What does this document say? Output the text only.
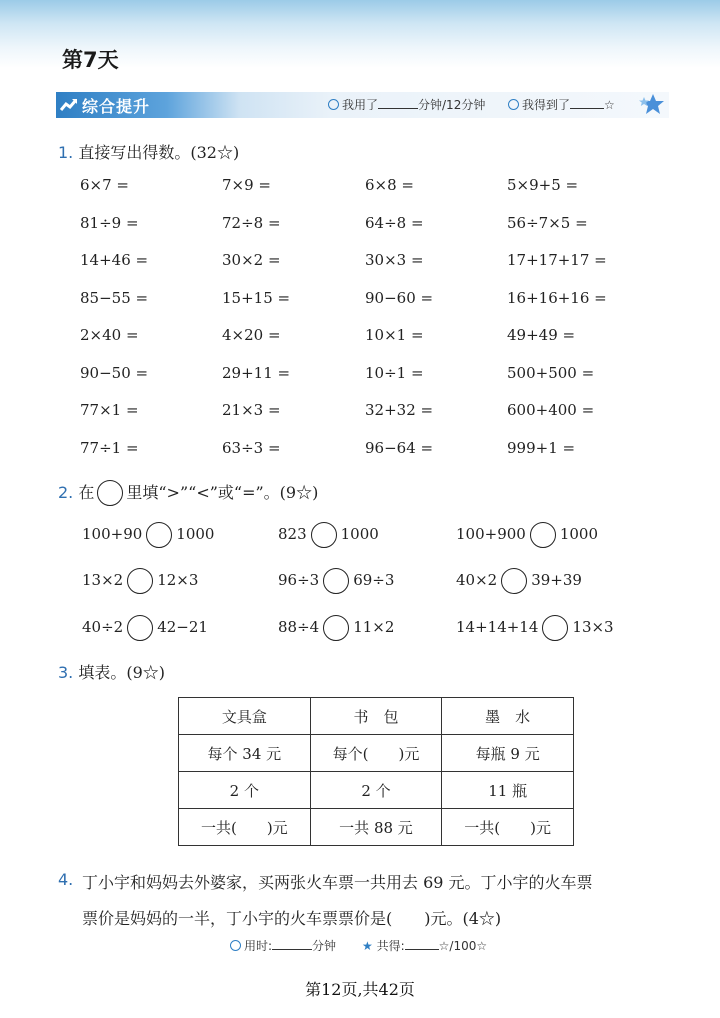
第7天
综合提升	我用了	分钟/12分钟	我得到了	☆
1. 直接写出得数。(32☆)
6×7 =	7×9 =	6×8 =	5×9+5 =
81÷9 =	72÷8 =	64÷8 =	56÷7×5 =
14+46 =	30×2 =	30×3 =	17+17+17 =
85−55 =	15+15 =	90−60 =	16+16+16 =
2×40 =	4×20 =	10×1 =	49+49 =
90−50 =	29+11 =	10÷1 =	500+500 =
77×1 =	21×3 =	32+32 =	600+400 =
77÷1 =	63÷3 =	96−64 =	999+1 =
2. 在 里填“>”“<”或“=”。(9☆)
100+90 1000	823 1000	100+900 1000
13×2 12×3	96÷3 69÷3	40×2 39+39
40÷2 42−21	88÷4 11×2	14+14+14 13×3
3. 填表。(9☆)
文具盒	书　包	墨　水
每个 34 元	每个(　　)元	每瓶 9 元
2 个	2 个	11 瓶
一共(　　)元	一共 88 元	一共(　　)元
4. 丁小宇和妈妈去外婆家，买两张火车票一共用去 69 元。丁小宇的火车票
票价是妈妈的一半，丁小宇的火车票票价是(　　)元。(4☆)
用时:	分钟 ★ 共得:	☆/100☆
第12页,共42页
